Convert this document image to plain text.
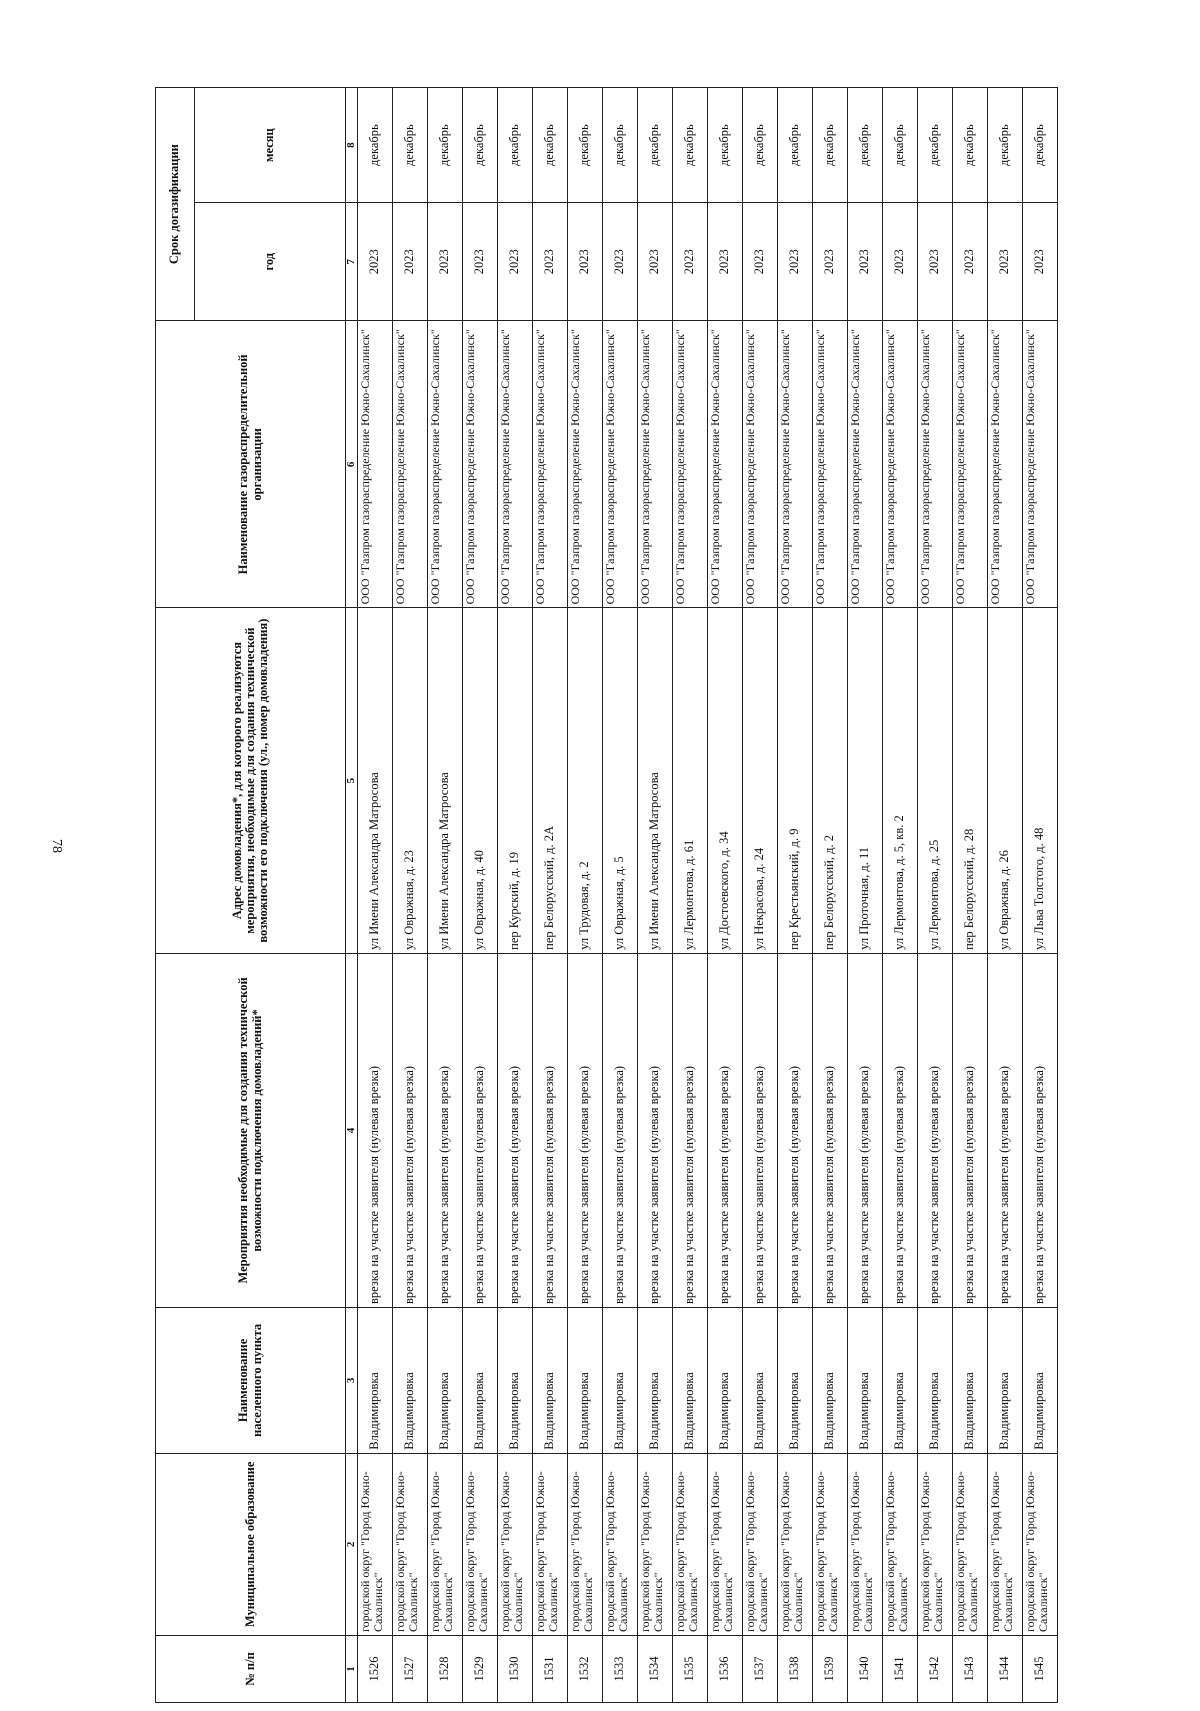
78
№ п/п	Муниципальное образование	Наименование населенного пункта	Мероприятия необходимые для создания технической возможности подключения домовладений*	Адрес домовладения*, для которого реализуются мероприятия, необходимые для создания технической возможности его подключения (ул., номер домовладения)	Наименование газораспределительной организации	Срок догазификации	
						год	месяц
1	2	3	4	5	6	7	8
1526	городской округ "Город Южно-Сахалинск"	Владимировка	врезка на участке заявителя (нулевая врезка)	ул Имени Александра Матросова	ООО "Газпром газораспределение Южно-Сахалинск"	2023	декабрь
1527	городской округ "Город Южно-Сахалинск"	Владимировка	врезка на участке заявителя (нулевая врезка)	ул Овражная, д. 23	ООО "Газпром газораспределение Южно-Сахалинск"	2023	декабрь
1528	городской округ "Город Южно-Сахалинск"	Владимировка	врезка на участке заявителя (нулевая врезка)	ул Имени Александра Матросова	ООО "Газпром газораспределение Южно-Сахалинск"	2023	декабрь
1529	городской округ "Город Южно-Сахалинск"	Владимировка	врезка на участке заявителя (нулевая врезка)	ул Овражная, д. 40	ООО "Газпром газораспределение Южно-Сахалинск"	2023	декабрь
1530	городской округ "Город Южно-Сахалинск"	Владимировка	врезка на участке заявителя (нулевая врезка)	пер Курский, д. 19	ООО "Газпром газораспределение Южно-Сахалинск"	2023	декабрь
1531	городской округ "Город Южно-Сахалинск"	Владимировка	врезка на участке заявителя (нулевая врезка)	пер Белорусский, д. 2А	ООО "Газпром газораспределение Южно-Сахалинск"	2023	декабрь
1532	городской округ "Город Южно-Сахалинск"	Владимировка	врезка на участке заявителя (нулевая врезка)	ул Трудовая, д. 2	ООО "Газпром газораспределение Южно-Сахалинск"	2023	декабрь
1533	городской округ "Город Южно-Сахалинск"	Владимировка	врезка на участке заявителя (нулевая врезка)	ул Овражная, д. 5	ООО "Газпром газораспределение Южно-Сахалинск"	2023	декабрь
1534	городской округ "Город Южно-Сахалинск"	Владимировка	врезка на участке заявителя (нулевая врезка)	ул Имени Александра Матросова	ООО "Газпром газораспределение Южно-Сахалинск"	2023	декабрь
1535	городской округ "Город Южно-Сахалинск"	Владимировка	врезка на участке заявителя (нулевая врезка)	ул Лермонтова, д. 61	ООО "Газпром газораспределение Южно-Сахалинск"	2023	декабрь
1536	городской округ "Город Южно-Сахалинск"	Владимировка	врезка на участке заявителя (нулевая врезка)	ул Достоевского, д. 34	ООО "Газпром газораспределение Южно-Сахалинск"	2023	декабрь
1537	городской округ "Город Южно-Сахалинск"	Владимировка	врезка на участке заявителя (нулевая врезка)	ул Некрасова, д. 24	ООО "Газпром газораспределение Южно-Сахалинск"	2023	декабрь
1538	городской округ "Город Южно-Сахалинск"	Владимировка	врезка на участке заявителя (нулевая врезка)	пер Крестьянский, д. 9	ООО "Газпром газораспределение Южно-Сахалинск"	2023	декабрь
1539	городской округ "Город Южно-Сахалинск"	Владимировка	врезка на участке заявителя (нулевая врезка)	пер Белорусский, д. 2	ООО "Газпром газораспределение Южно-Сахалинск"	2023	декабрь
1540	городской округ "Город Южно-Сахалинск"	Владимировка	врезка на участке заявителя (нулевая врезка)	ул Проточная, д. 11	ООО "Газпром газораспределение Южно-Сахалинск"	2023	декабрь
1541	городской округ "Город Южно-Сахалинск"	Владимировка	врезка на участке заявителя (нулевая врезка)	ул Лермонтова, д. 5, кв. 2	ООО "Газпром газораспределение Южно-Сахалинск"	2023	декабрь
1542	городской округ "Город Южно-Сахалинск"	Владимировка	врезка на участке заявителя (нулевая врезка)	ул Лермонтова, д. 25	ООО "Газпром газораспределение Южно-Сахалинск"	2023	декабрь
1543	городской округ "Город Южно-Сахалинск"	Владимировка	врезка на участке заявителя (нулевая врезка)	пер Белорусский, д. 28	ООО "Газпром газораспределение Южно-Сахалинск"	2023	декабрь
1544	городской округ "Город Южно-Сахалинск"	Владимировка	врезка на участке заявителя (нулевая врезка)	ул Овражная, д. 26	ООО "Газпром газораспределение Южно-Сахалинск"	2023	декабрь
1545	городской округ "Город Южно-Сахалинск"	Владимировка	врезка на участке заявителя (нулевая врезка)	ул Льва Толстого, д. 48	ООО "Газпром газораспределение Южно-Сахалинск"	2023	декабрь
